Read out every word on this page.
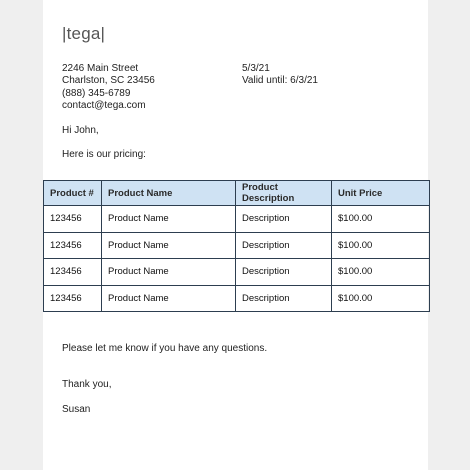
|tega|
2246 Main Street
Charlston, SC 23456
(888) 345-6789
contact@tega.com
5/3/21
Valid until: 6/3/21
Hi John,
Here is our pricing:
Product #	Product Name	Product Description	Unit Price
123456	Product Name	Description	$100.00
123456	Product Name	Description	$100.00
123456	Product Name	Description	$100.00
123456	Product Name	Description	$100.00
Please let me know if you have any questions.
Thank you,
Susan
